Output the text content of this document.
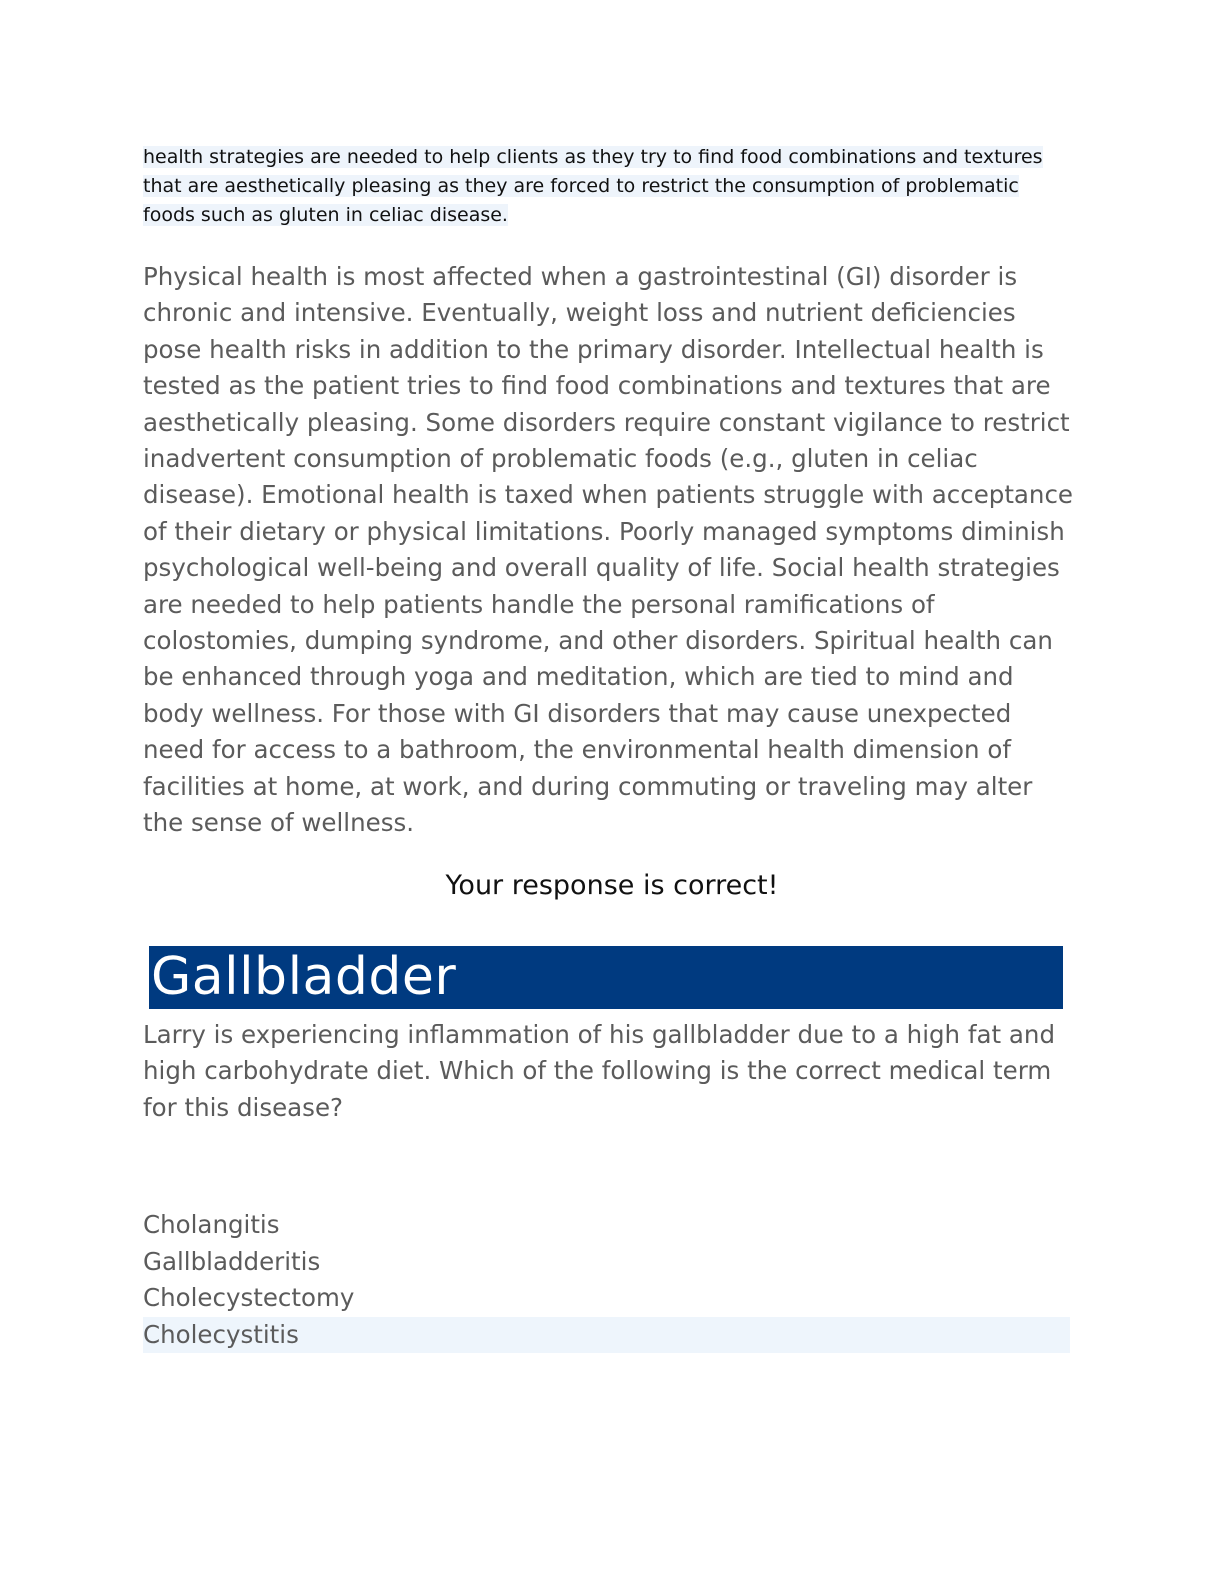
health strategies are needed to help clients as they try to find food combinations and textures that are aesthetically pleasing as they are forced to restrict the consumption of problematic foods such as gluten in celiac disease.

Physical health is most affected when a gastrointestinal (GI) disorder is chronic and intensive. Eventually, weight loss and nutrient deficiencies pose health risks in addition to the primary disorder. Intellectual health is tested as the patient tries to find food combinations and textures that are aesthetically pleasing. Some disorders require constant vigilance to restrict inadvertent consumption of problematic foods (e.g., gluten in celiac disease). Emotional health is taxed when patients struggle with acceptance of their dietary or physical limitations. Poorly managed symptoms diminish psychological well-being and overall quality of life. Social health strategies are needed to help patients handle the personal ramifications of colostomies, dumping syndrome, and other disorders. Spiritual health can be enhanced through yoga and meditation, which are tied to mind and body wellness. For those with GI disorders that may cause unexpected need for access to a bathroom, the environmental health dimension of facilities at home, at work, and during commuting or traveling may alter the sense of wellness.

Your response is correct!
Gallbladder

Larry is experiencing inflammation of his gallbladder due to a high fat and high carbohydrate diet. Which of the following is the correct medical term for this disease?

Cholangitis
Gallbladderitis
Cholecystectomy
Cholecystitis
